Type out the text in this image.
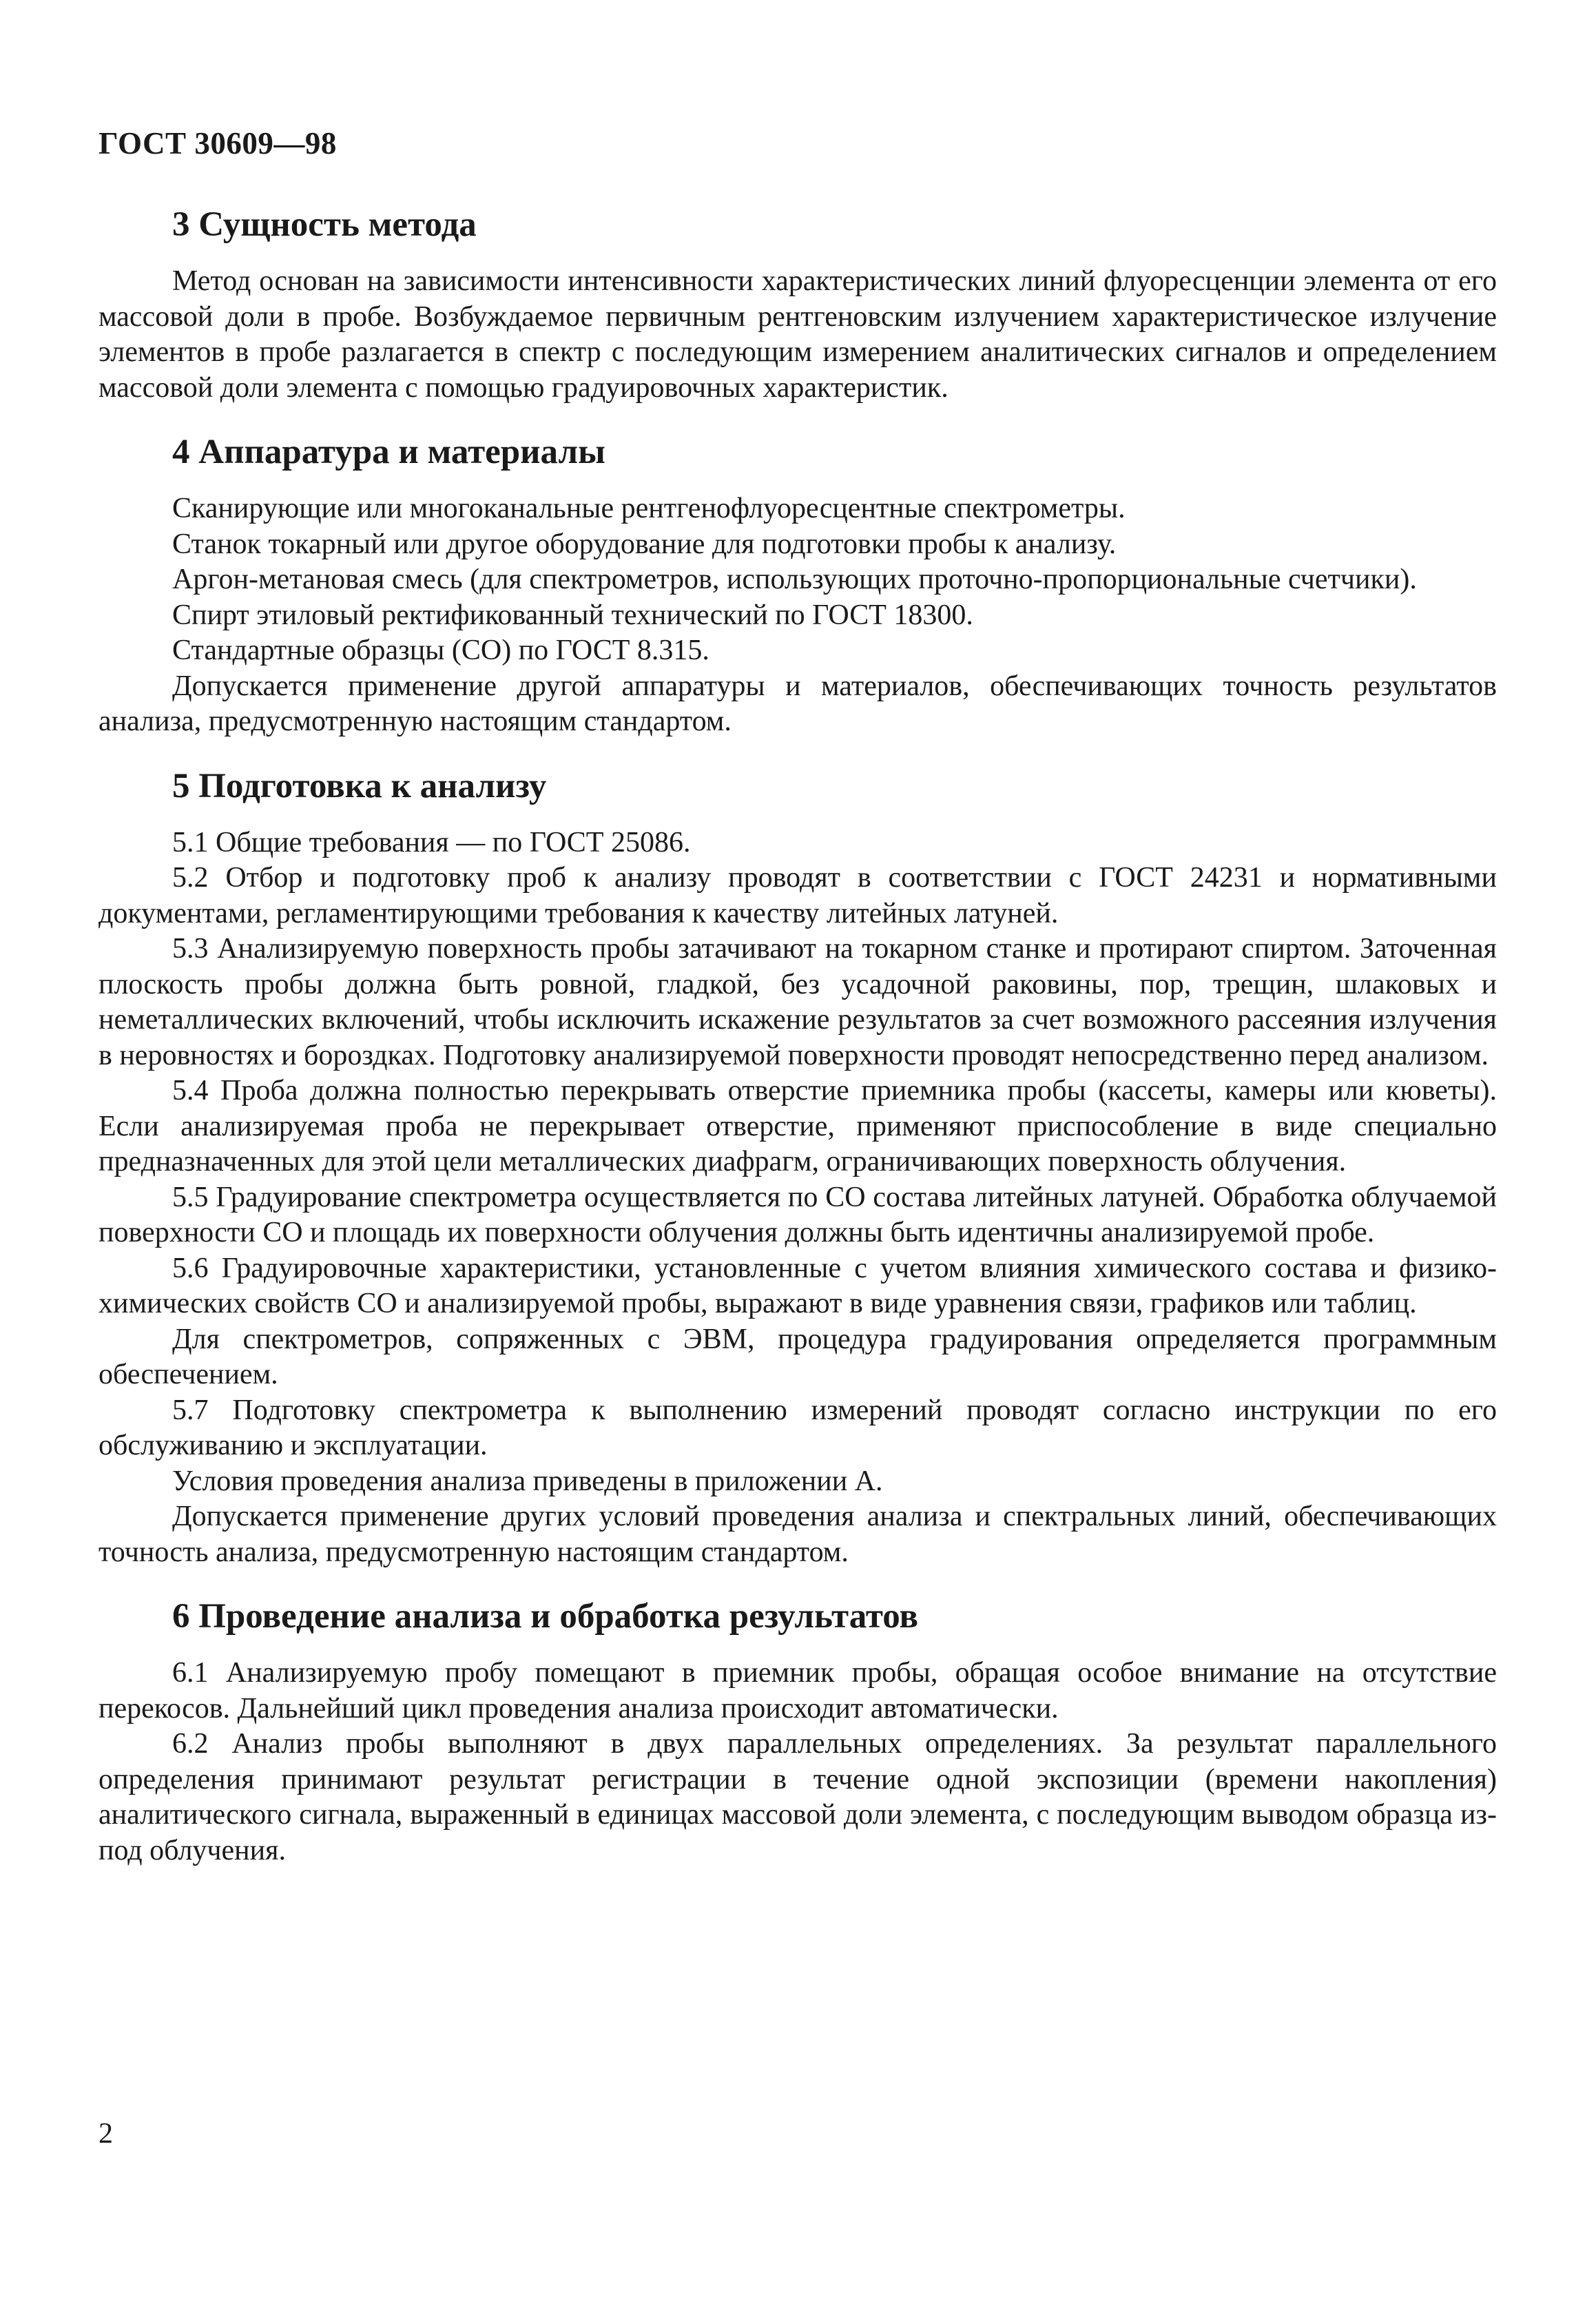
ГОСТ 30609—98
3 Сущность метода

Метод основан на зависимости интенсивности характеристических линий флуоресценции элемента от его массовой доли в пробе. Возбуждаемое первичным рентгеновским излучением характеристическое излучение элементов в пробе разлагается в спектр с последующим измерением аналитических сигналов и определением массовой доли элемента с помощью градуировочных характеристик.

4 Аппаратура и материалы

Сканирующие или многоканальные рентгенофлуоресцентные спектрометры.

Станок токарный или другое оборудование для подготовки пробы к анализу.

Аргон-метановая смесь (для спектрометров, использующих проточно-пропорциональные счетчики).

Спирт этиловый ректификованный технический по ГОСТ 18300.

Стандартные образцы (СО) по ГОСТ 8.315.

Допускается применение другой аппаратуры и материалов, обеспечивающих точность результатов анализа, предусмотренную настоящим стандартом.

5 Подготовка к анализу

5.1 Общие требования — по ГОСТ 25086.

5.2 Отбор и подготовку проб к анализу проводят в соответствии с ГОСТ 24231 и нормативными документами, регламентирующими требования к качеству литейных латуней.

5.3 Анализируемую поверхность пробы затачивают на токарном станке и протирают спиртом. Заточенная плоскость пробы должна быть ровной, гладкой, без усадочной раковины, пор, трещин, шлаковых и неметаллических включений, чтобы исключить искажение результатов за счет возможного рассеяния излучения в неровностях и бороздках. Подготовку анализируемой поверхности проводят непосредственно перед анализом.

5.4 Проба должна полностью перекрывать отверстие приемника пробы (кассеты, камеры или кюветы). Если анализируемая проба не перекрывает отверстие, применяют приспособление в виде специально предназначенных для этой цели металлических диафрагм, ограничивающих поверхность облучения.

5.5 Градуирование спектрометра осуществляется по СО состава литейных латуней. Обработка облучаемой поверхности СО и площадь их поверхности облучения должны быть идентичны анализируемой пробе.

5.6 Градуировочные характеристики, установленные с учетом влияния химического состава и физико-химических свойств СО и анализируемой пробы, выражают в виде уравнения связи, графиков или таблиц.

Для спектрометров, сопряженных с ЭВМ, процедура градуирования определяется программным обеспечением.

5.7 Подготовку спектрометра к выполнению измерений проводят согласно инструкции по его обслуживанию и эксплуатации.

Условия проведения анализа приведены в приложении А.

Допускается применение других условий проведения анализа и спектральных линий, обеспечивающих точность анализа, предусмотренную настоящим стандартом.

6 Проведение анализа и обработка результатов

6.1 Анализируемую пробу помещают в приемник пробы, обращая особое внимание на отсутствие перекосов. Дальнейший цикл проведения анализа происходит автоматически.

6.2 Анализ пробы выполняют в двух параллельных определениях. За результат параллельного определения принимают результат регистрации в течение одной экспозиции (времени накопления) аналитического сигнала, выраженный в единицах массовой доли элемента, с последующим выводом образца из-под облучения.

2
